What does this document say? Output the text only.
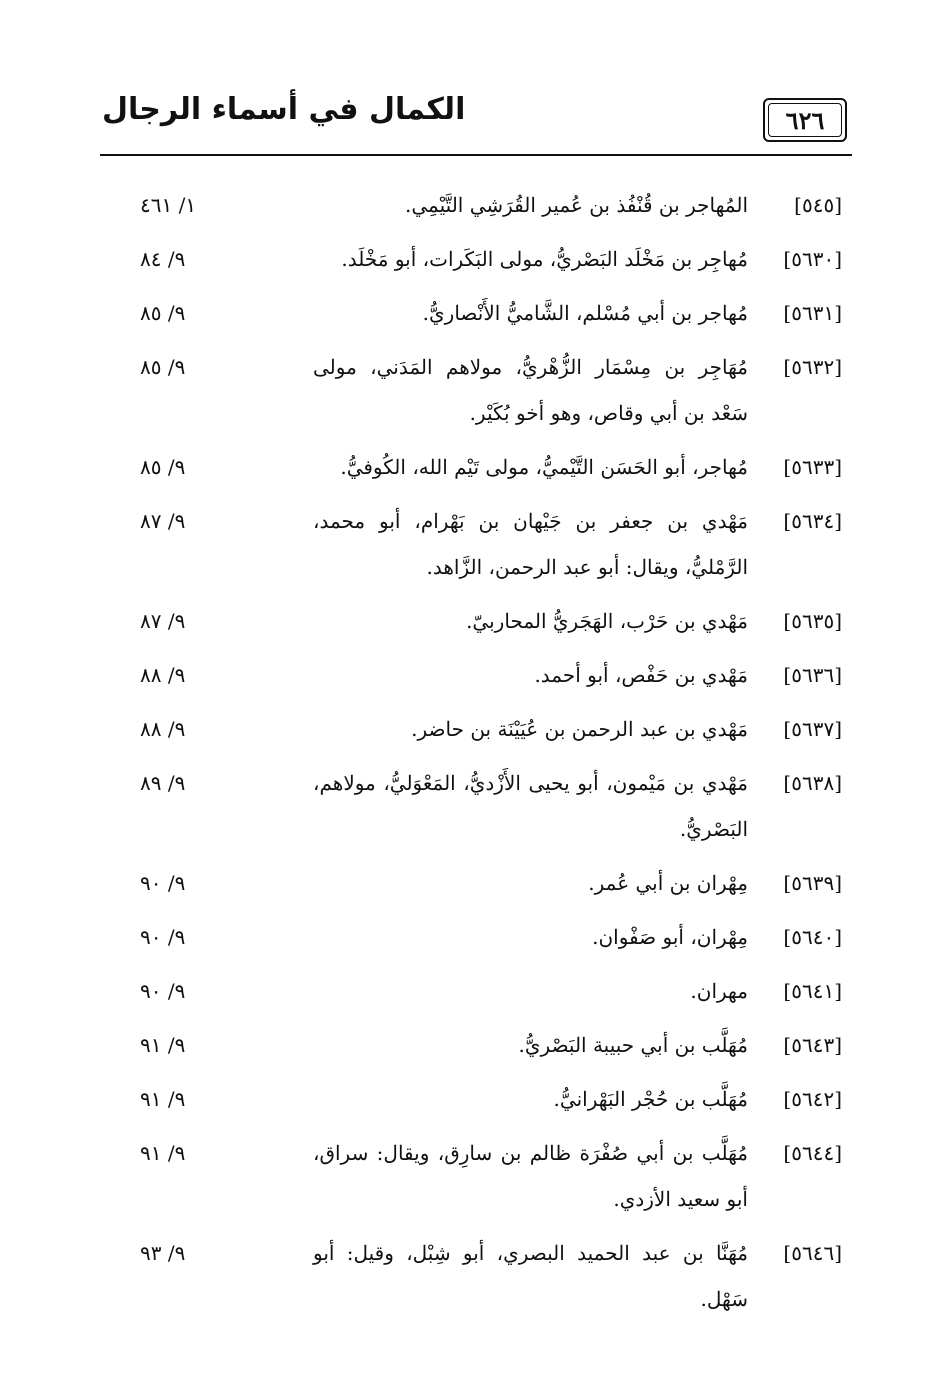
٦٢٦
الكمال في أسماء الرجال
[٥٤٥]
المُهاجر بن قُنْفُذ بن عُمير القُرَشِي التَّيْمِي.
١/ ٤٦١
[٥٦٣٠]
مُهاجِر بن مَخْلَد البَصْريُّ، مولى البَكَرات، أبو مَخْلَد.
٩/ ٨٤
[٥٦٣١]
مُهاجر بن أبي مُسْلم، الشَّاميُّ الأَنْصاريُّ.
٩/ ٨٥
[٥٦٣٢]
مُهَاجِر بن مِسْمَار الزُّهْريُّ، مولاهم المَدَني، مولى سَعْد بن أبي وقاص، وهو أخو بُكَيْر.
٩/ ٨٥
[٥٦٣٣]
مُهاجر، أبو الحَسَن التَّيْميُّ، مولى تَيْم الله، الكُوفيُّ.
٩/ ٨٥
[٥٦٣٤]
مَهْدي بن جعفر بن جَيْهان بن بَهْرام، أبو محمد، الرَّمْليُّ، ويقال: أبو عبد الرحمن، الزَّاهد.
٩/ ٨٧
[٥٦٣٥]
مَهْدي بن حَرْب، الهَجَريُّ المحاربيّ.
٩/ ٨٧
[٥٦٣٦]
مَهْدي بن حَفْص، أبو أحمد.
٩/ ٨٨
[٥٦٣٧]
مَهْدي بن عبد الرحمن بن عُيَيْنَة بن حاضر.
٩/ ٨٨
[٥٦٣٨]
مَهْدي بن مَيْمون، أبو يحيى الأَزْديُّ، المَعْوَليُّ، مولاهم، البَصْريُّ.
٩/ ٨٩
[٥٦٣٩]
مِهْران بن أبي عُمر.
٩/ ٩٠
[٥٦٤٠]
مِهْران، أبو صَفْوان.
٩/ ٩٠
[٥٦٤١]
مهران.
٩/ ٩٠
[٥٦٤٣]
مُهَلَّب بن أبي حبيبة البَصْريُّ.
٩/ ٩١
[٥٦٤٢]
مُهَلَّب بن حُجْر البَهْرانيُّ.
٩/ ٩١
[٥٦٤٤]
مُهَلَّب بن أبي صُفْرَة ظالم بن سارِق، ويقال: سراق، أبو سعيد الأزدي.
٩/ ٩١
[٥٦٤٦]
مُهَنَّا بن عبد الحميد البصري، أبو شِبْل، وقيل: أبو سَهْل.
٩/ ٩٣
